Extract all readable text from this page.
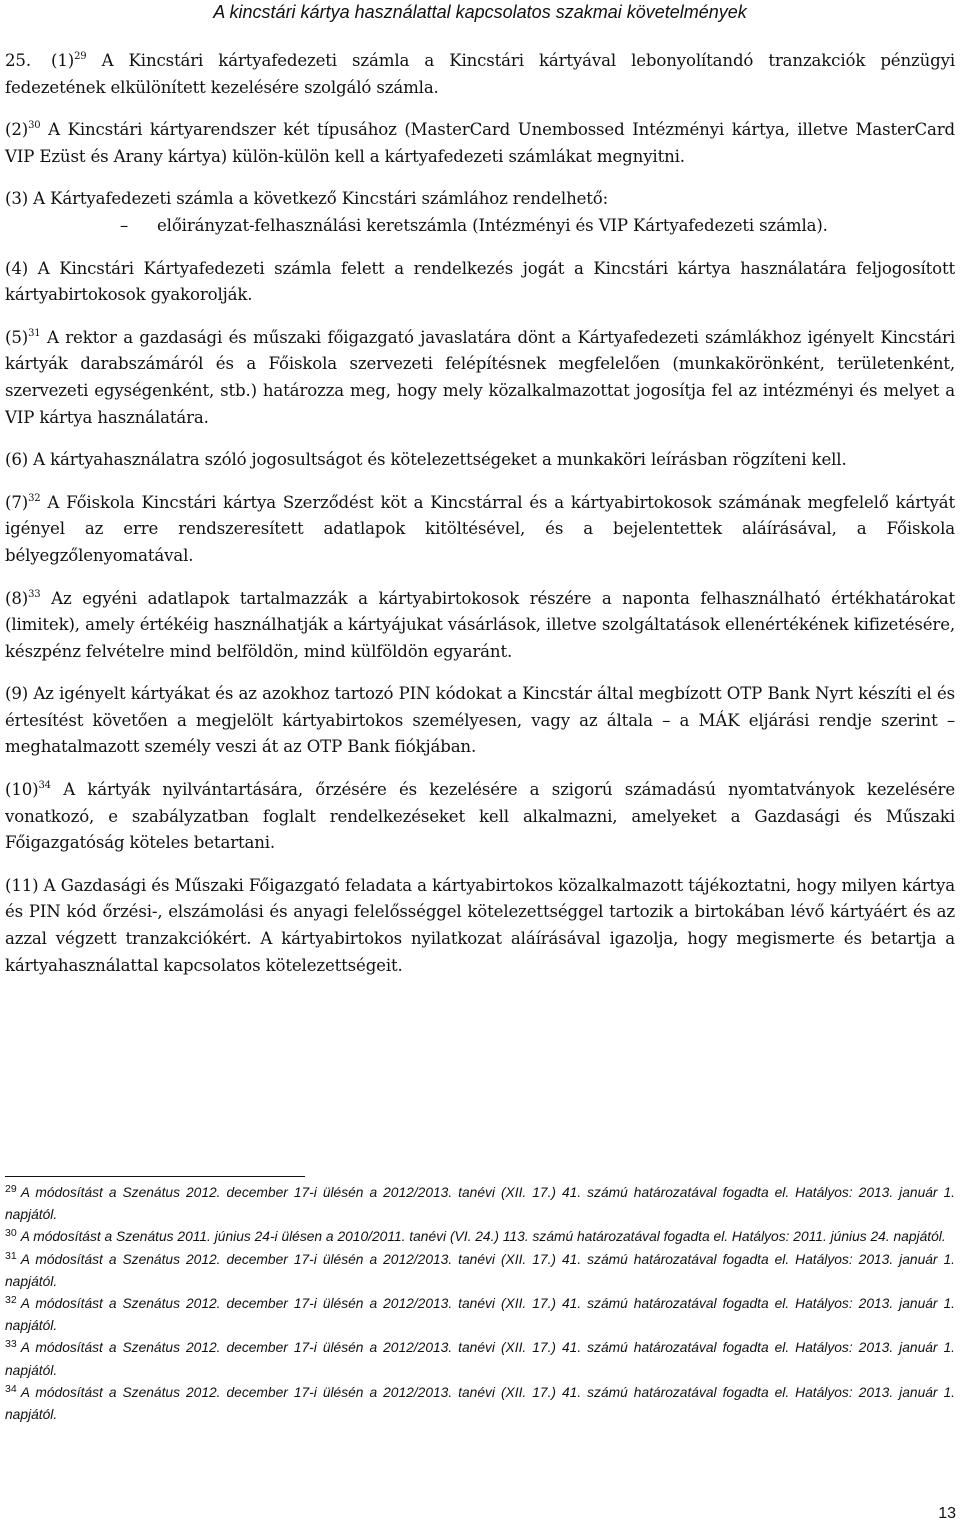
A kincstári kártya használattal kapcsolatos szakmai követelmények

25. $(1)^{29}$ A Kincstári kártyafedezeti számla a Kincstári kártyával lebonyolítandó tranzakciók pénzügyi fedezetének elkülönített kezelésére szolgáló számla.

$(2)^{30}$ A Kincstári kártyarendszer két típusához (MasterCard Unembossed Intézményi kártya, illetve MasterCard VIP Ezüst és Arany kártya) külön-külön kell a kártyafedezeti számlákat megnyitni.

(3) A Kártyafedezeti számla a következő Kincstári számlához rendelhető:

– előirányzat-felhasználási keretszámla (Intézményi és VIP Kártyafedezeti számla).

(4) A Kincstári Kártyafedezeti számla felett a rendelkezés jogát a Kincstári kártya használatára feljogosított kártyabirtokosok gyakorolják.

$(5)^{31}$ A rektor a gazdasági és műszaki főigazgató javaslatára dönt a Kártyafedezeti számlákhoz igényelt Kincstári kártyák darabszámáról és a Főiskola szervezeti felépítésnek megfelelően (munkakörönként, területenként, szervezeti egységenként, stb.) határozza meg, hogy mely közalkalmazottat jogosítja fel az intézményi és melyet a VIP kártya használatára.

(6) A kártyahasználatra szóló jogosultságot és kötelezettségeket a munkaköri leírásban rögzíteni kell.

$(7)^{32}$ A Főiskola Kincstári kártya Szerződést köt a Kincstárral és a kártyabirtokosok számának megfelelő kártyát igényel az erre rendszeresített adatlapok kitöltésével, és a bejelentettek aláírásával, a Főiskola bélyegzőlenyomatával.

$(8)^{33}$ Az egyéni adatlapok tartalmazzák a kártyabirtokosok részére a naponta felhasználható értékhatárokat (limitek), amely értékéig használhatják a kártyájukat vásárlások, illetve szolgáltatások ellenértékének kifizetésére, készpénz felvételre mind belföldön, mind külföldön egyaránt.

(9) Az igényelt kártyákat és az azokhoz tartozó PIN kódokat a Kincstár által megbízott OTP Bank Nyrt készíti el és értesítést követően a megjelölt kártyabirtokos személyesen, vagy az általa – a MÁK eljárási rendje szerint – meghatalmazott személy veszi át az OTP Bank fiókjában.

$(10)^{34}$ A kártyák nyilvántartására, őrzésére és kezelésére a szigorú számadású nyomtatványok kezelésére vonatkozó, e szabályzatban foglalt rendelkezéseket kell alkalmazni, amelyeket a Gazdasági és Műszaki Főigazgatóság köteles betartani.

(11) A Gazdasági és Műszaki Főigazgató feladata a kártyabirtokos közalkalmazott tájékoztatni, hogy milyen kártya és PIN kód őrzési-, elszámolási és anyagi felelősséggel kötelezettséggel tartozik a birtokában lévő kártyáért és az azzal végzett tranzakciókért. A kártyabirtokos nyilatkozat aláírásával igazolja, hogy megismerte és betartja a kártyahasználattal kapcsolatos kötelezettségeit.

$^{29}$ A módosítást a Szenátus 2012. december 17-i ülésén a 2012/2013. tanévi (XII. 17.) 41. számú határozatával fogadta el. Hatályos: 2013. január 1. napjától.

$^{30}$ A módosítást a Szenátus 2011. június 24-i ülésen a 2010/2011. tanévi (VI. 24.) 113. számú határozatával fogadta el. Hatályos: 2011. június 24. napjától.

$^{31}$ A módosítást a Szenátus 2012. december 17-i ülésén a 2012/2013. tanévi (XII. 17.) 41. számú határozatával fogadta el. Hatályos: 2013. január 1. napjától.

$^{32}$ A módosítást a Szenátus 2012. december 17-i ülésén a 2012/2013. tanévi (XII. 17.) 41. számú határozatával fogadta el. Hatályos: 2013. január 1. napjától.

$^{33}$ A módosítást a Szenátus 2012. december 17-i ülésén a 2012/2013. tanévi (XII. 17.) 41. számú határozatával fogadta el. Hatályos: 2013. január 1. napjától.

$^{34}$ A módosítást a Szenátus 2012. december 17-i ülésén a 2012/2013. tanévi (XII. 17.) 41. számú határozatával fogadta el. Hatályos: 2013. január 1. napjától.

13
